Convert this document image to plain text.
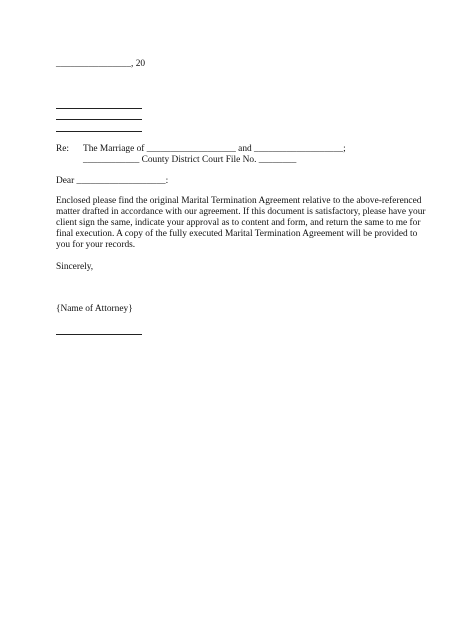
________________, 20
Re: The Marriage of ___________________ and ___________________;
____________ County District Court File No. ________
Dear ___________________:
Enclosed please find the original Marital Termination Agreement relative to the above-referenced
matter drafted in accordance with our agreement. If this document is satisfactory, please have your
client sign the same, indicate your approval as to content and form, and return the same to me for
final execution. A copy of the fully executed Marital Termination Agreement will be provided to
you for your records.
Sincerely,
{Name of Attorney}
